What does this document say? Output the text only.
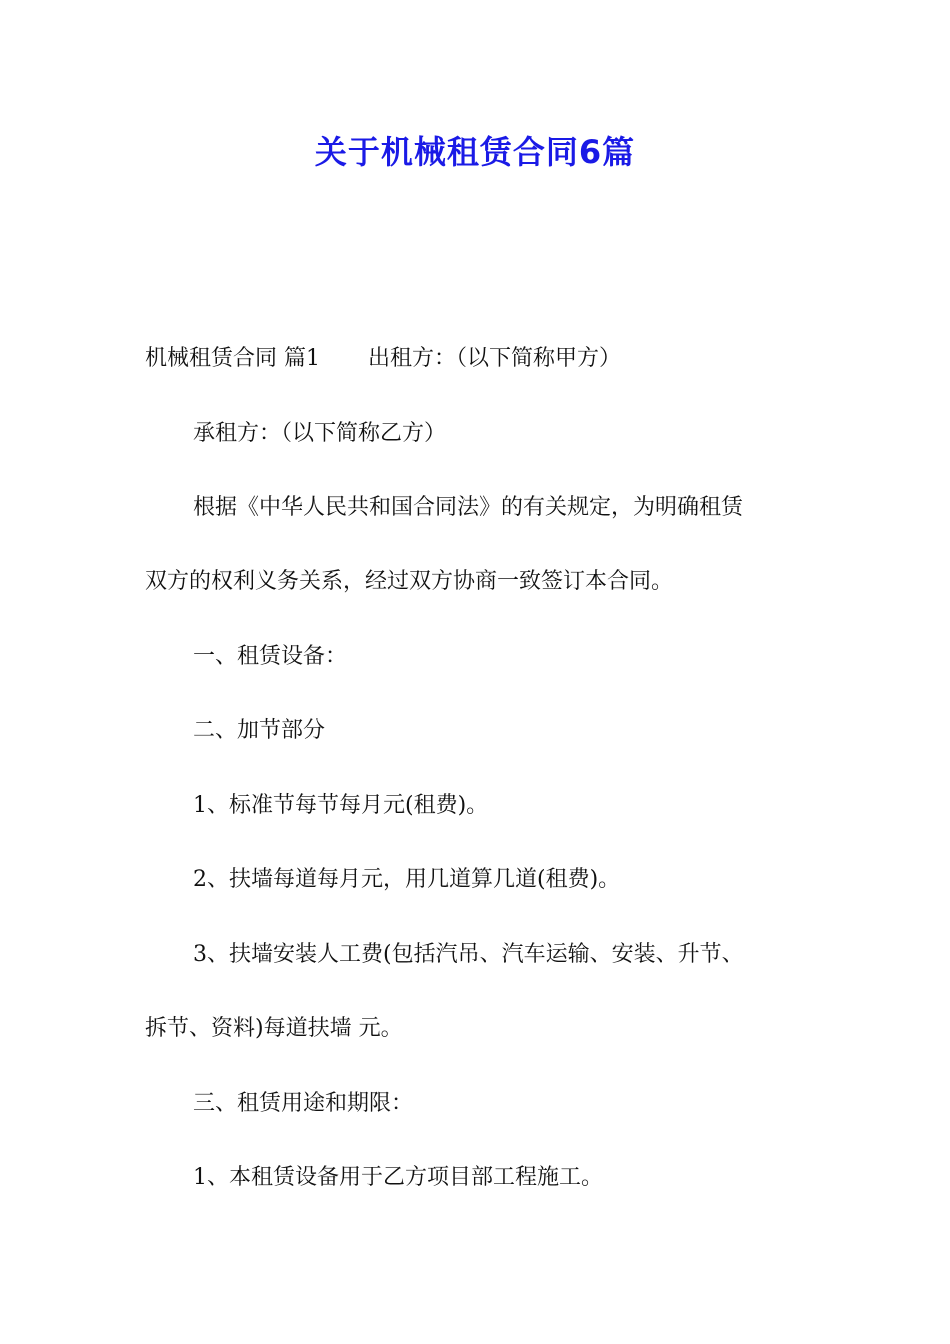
关于机械租赁合同6篇
机械租赁合同 篇1 出租方：（以下简称甲方）
承租方：（以下简称乙方）
根据《中华人民共和国合同法》的有关规定，为明确租赁
双方的权利义务关系，经过双方协商一致签订本合同。
一、租赁设备：
二、加节部分
1、标准节每节每月元(租费)。
2、扶墙每道每月元，用几道算几道(租费)。
3、扶墙安装人工费(包括汽吊、汽车运输、安装、升节、
拆节、资料)每道扶墙 元。
三、租赁用途和期限：
1、本租赁设备用于乙方项目部工程施工。
